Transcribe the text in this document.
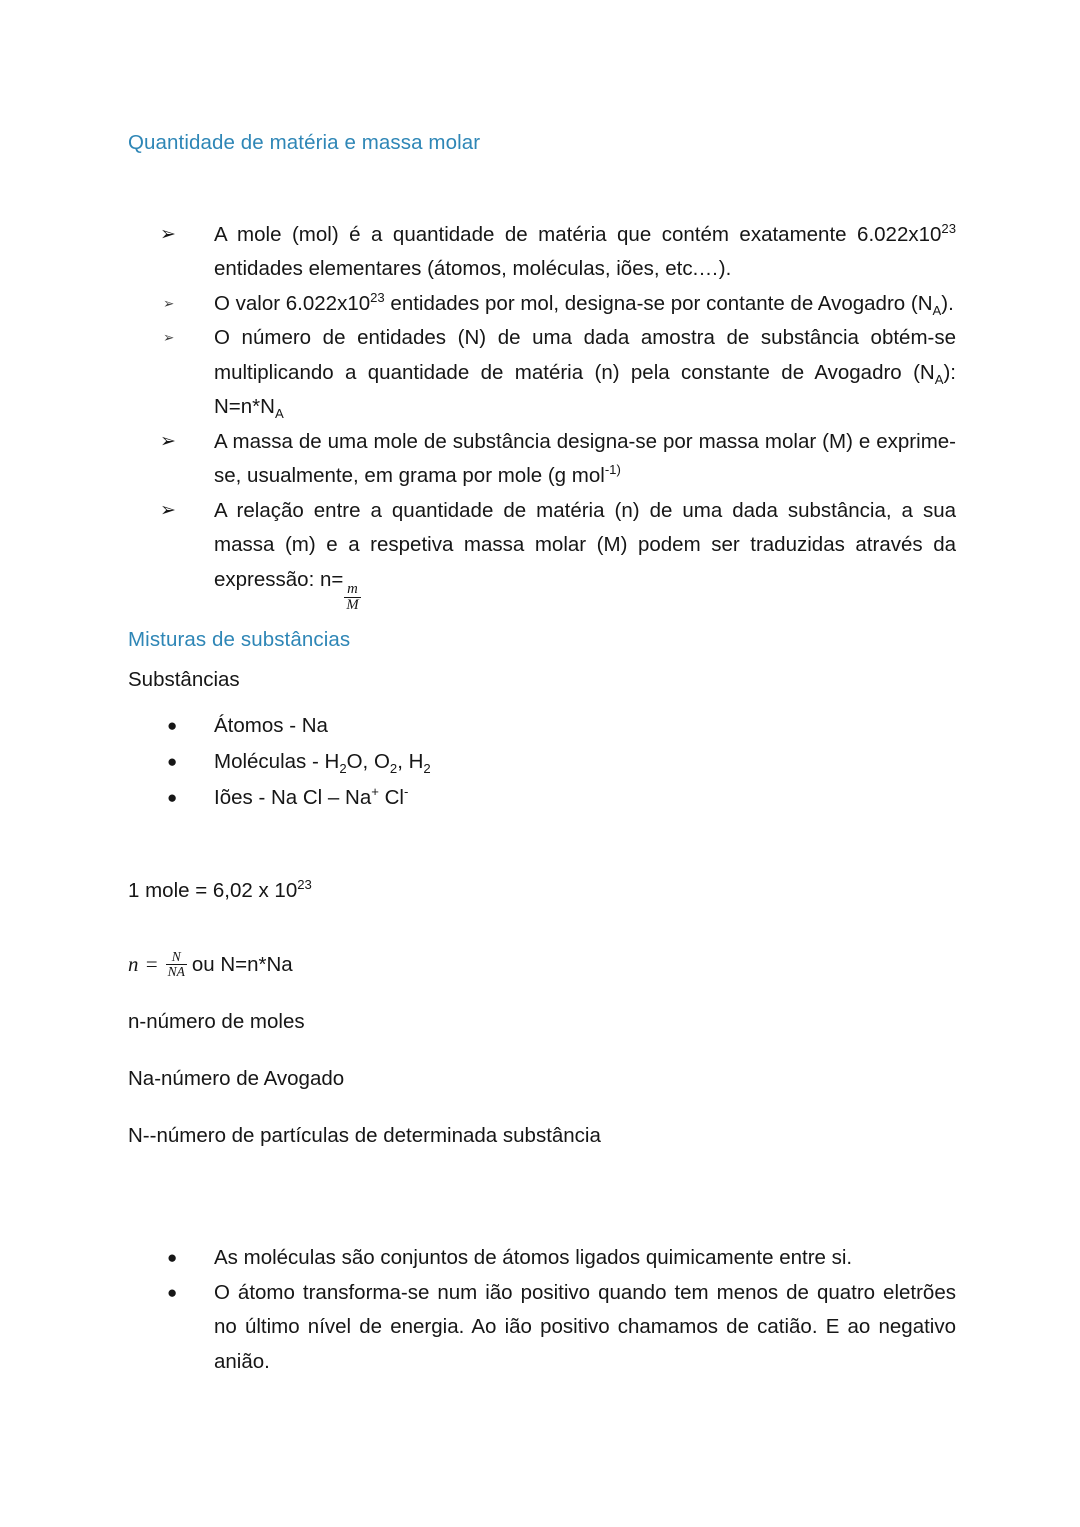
Quantidade de matéria e massa molar
➢ A mole (mol) é a quantidade de matéria que contém exatamente $6.022x10^{23}$ entidades elementares (átomos, moléculas, iões, etc.…).
➢ O valor $6.022x10^{23}$ entidades por mol, designa-se por contante de Avogadro $(N_A)$.
➢ O número de entidades (N) de uma dada amostra de substância obtém-se multiplicando a quantidade de matéria (n) pela constante de Avogadro $(N_A)$: $N=n*N_A$
➢ A massa de uma mole de substância designa-se por massa molar (M) e exprime-se, usualmente, em grama por mole (g mol$^{-1)}$
➢ A relação entre a quantidade de matéria (n) de uma dada substância, a sua massa (m) e a respetiva massa molar (M) podem ser traduzidas através da expressão: n=
$\frac{m}{M}$
Misturas de substâncias
Substâncias
● Átomos - Na
● Moléculas - $H_2O$, $O_2$, $H_2$
● Iões - Na Cl – Na+ Cl-
1 mole = 6,02 x $10^{23}$
$n = \frac{N}{NA}$ ou N=n*Na
n-número de moles
Na-número de Avogado
N--número de partículas de determinada substância
● As moléculas são conjuntos de átomos ligados quimicamente entre si.
● O átomo transforma-se num ião positivo quando tem menos de quatro eletrões no último nível de energia. Ao ião positivo chamamos de catião. E ao negativo anião.
